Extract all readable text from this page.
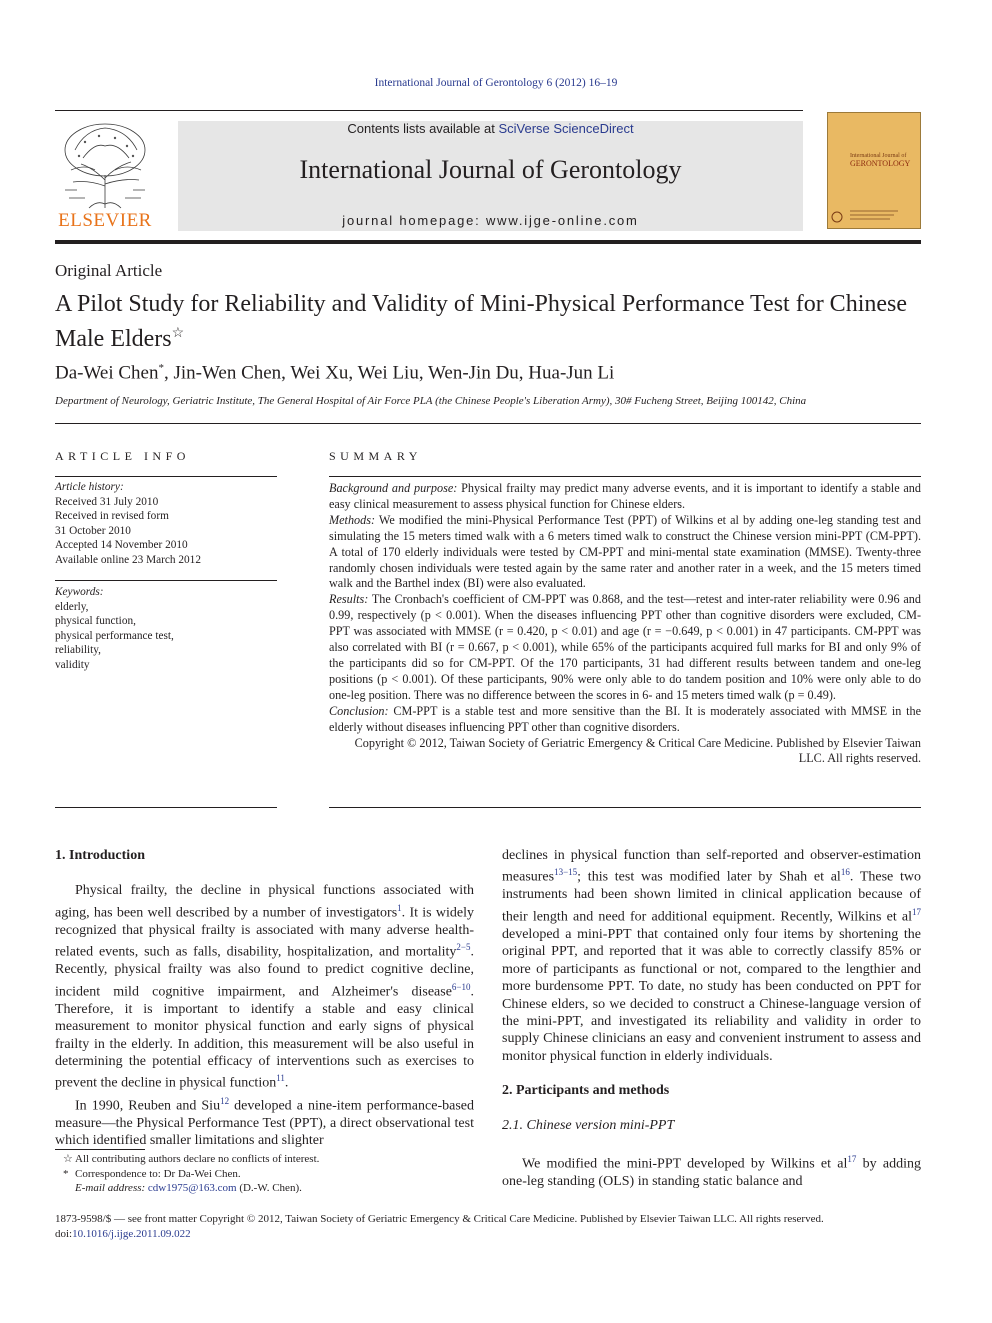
International Journal of Gerontology 6 (2012) 16–19
ELSEVIER
Contents lists available at SciVerse ScienceDirect
International Journal of Gerontology
journal homepage: www.ijge-online.com
International Journal of
GERONTOLOGY
Original Article
A Pilot Study for Reliability and Validity of Mini-Physical Performance Test for Chinese Male Elders☆
Da-Wei Chen*, Jin-Wen Chen, Wei Xu, Wei Liu, Wen-Jin Du, Hua-Jun Li
Department of Neurology, Geriatric Institute, The General Hospital of Air Force PLA (the Chinese People's Liberation Army), 30# Fucheng Street, Beijing 100142, China
ARTICLE INFO
Article history:
Received 31 July 2010
Received in revised form
31 October 2010
Accepted 14 November 2010
Available online 23 March 2012
Keywords:
elderly,
physical function,
physical performance test,
reliability,
validity
SUMMARY

Background and purpose: Physical frailty may predict many adverse events, and it is important to identify a stable and easy clinical measurement to assess physical function for Chinese elders.

Methods: We modified the mini-Physical Performance Test (PPT) of Wilkins et al by adding one-leg standing test and simulating the 15 meters timed walk with a 6 meters timed walk to construct the Chinese version mini-PPT (CM-PPT). A total of 170 elderly individuals were tested by CM-PPT and mini-mental state examination (MMSE). Twenty-three randomly chosen individuals were tested again by the same rater and another rater in a week, and the 15 meters timed walk and the Barthel index (BI) were also evaluated.

Results: The Cronbach's coefficient of CM-PPT was 0.868, and the test—retest and inter-rater reliability were 0.96 and 0.99, respectively (p < 0.001). When the diseases influencing PPT other than cognitive disorders were excluded, CM-PPT was associated with MMSE (r = 0.420, p < 0.01) and age (r = −0.649, p < 0.001) in 47 participants. CM-PPT was also correlated with BI (r = 0.667, p < 0.001), while 65% of the participants acquired full marks for BI and only 9% of the participants did so for CM-PPT. Of the 170 participants, 31 had different results between tandem and one-leg positions (p < 0.001). Of these participants, 90% were only able to do tandem position and 10% were only able to do one-leg position. There was no difference between the scores in 6- and 15 meters timed walk (p = 0.49).

Conclusion: CM-PPT is a stable test and more sensitive than the BI. It is moderately associated with MMSE in the elderly without diseases influencing PPT other than cognitive disorders.

Copyright © 2012, Taiwan Society of Geriatric Emergency & Critical Care Medicine. Published by Elsevier Taiwan LLC. All rights reserved.

1. Introduction

Physical frailty, the decline in physical functions associated with aging, has been well described by a number of investigators$^1$. It is widely recognized that physical frailty is associated with many adverse health-related events, such as falls, disability, hospitalization, and mortality$^{2-5}$. Recently, physical frailty was also found to predict cognitive decline, incident mild cognitive impairment, and Alzheimer's disease$^{6-10}$. Therefore, it is important to identify a stable and easy clinical measurement to monitor physical function and early signs of physical frailty in the elderly. In addition, this measurement will be also useful in determining the potential efficacy of interventions such as exercises to prevent the decline in physical function$^{11}$.

In 1990, Reuben and Siu$^{12}$ developed a nine-item performance-based measure—the Physical Performance Test (PPT), a direct observational test which identified smaller limitations and slighter

☆ All contributing authors declare no conflicts of interest.
* Correspondence to: Dr Da-Wei Chen.
E-mail address: cdw1975@163.com (D.-W. Chen).

declines in physical function than self-reported and observer-estimation measures$^{13-15}$; this test was modified later by Shah et $al^{16}$. These two instruments had been shown limited in clinical application because of their length and need for additional equipment. Recently, Wilkins et $al^{17}$ developed a mini-PPT that contained only four items by shortening the original PPT, and reported that it was able to correctly classify 85% or more of participants as functional or not, compared to the lengthier and more burdensome PPT. To date, no study has been conducted on PPT for Chinese elders, so we decided to construct a Chinese-language version of the mini-PPT, and investigated its reliability and validity in order to supply Chinese clinicians an easy and convenient instrument to assess and monitor physical function in elderly individuals.

2. Participants and methods
2.1. Chinese version mini-PPT

We modified the mini-PPT developed by Wilkins et $al^{17}$ by adding one-leg standing (OLS) in standing static balance and

1873-9598/$ — see front matter Copyright © 2012, Taiwan Society of Geriatric Emergency & Critical Care Medicine. Published by Elsevier Taiwan LLC. All rights reserved.
doi:10.1016/j.ijge.2011.09.022
